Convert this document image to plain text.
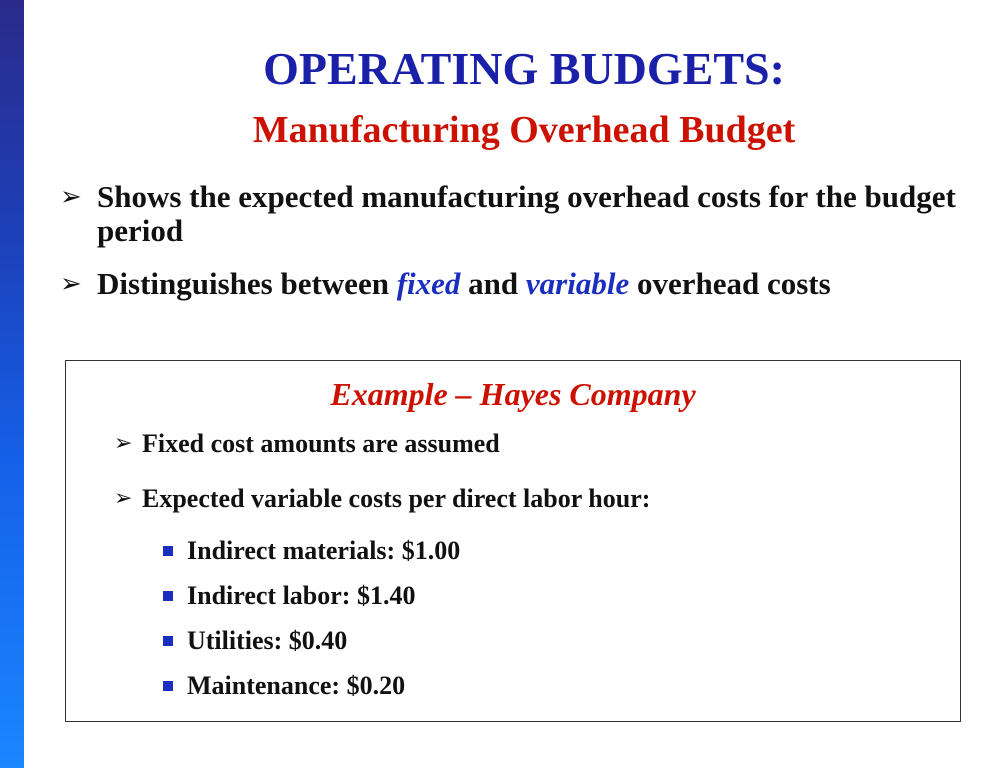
OPERATING BUDGETS:
Manufacturing Overhead Budget
➢ Shows the expected manufacturing overhead costs for the budget period
➢ Distinguishes between fixed and variable overhead costs

Example – Hayes Company

➢ Fixed cost amounts are assumed
➢ Expected variable costs per direct labor hour:
Indirect materials: $1.00
Indirect labor: $1.40
Utilities: $0.40
Maintenance: $0.20
